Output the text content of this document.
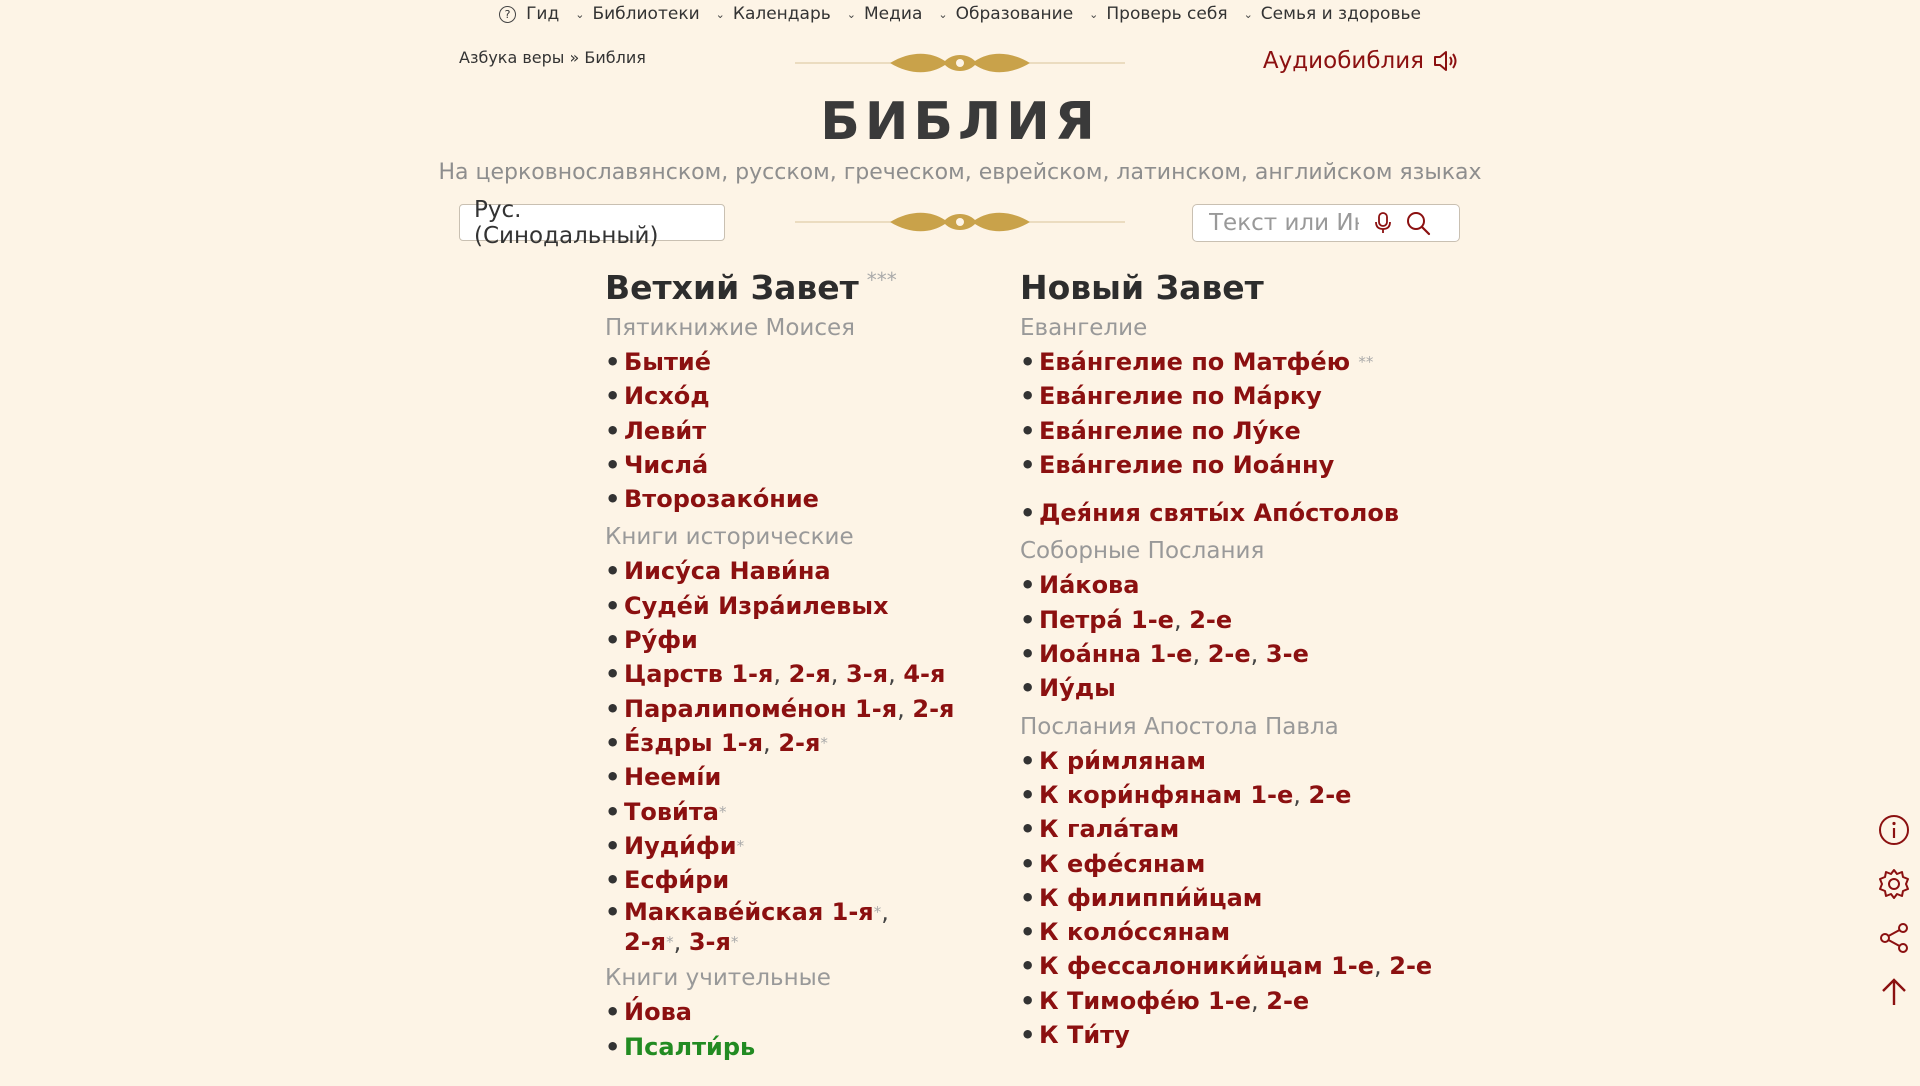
? Гид ⌄ Библиотеки ⌄ Календарь ⌄ Медиа ⌄ Образование ⌄ Проверь себя ⌄ Семья и здоровье
Азбука веры » Библия	Аудиобиблия
БИБЛИЯ
На церковнославянском, русском, греческом, еврейском, латинском, английском языках
Рус. (Синодальный)
Текст или Ин
Ветхий Завет ***
Пятикнижие Моисея
• Бытие́
• Исхо́д
• Леви́т
• Числа́
• Второзако́ние
Книги исторические
• Иису́са Нави́на
• Суде́й Изра́илевых
• Ру́фи
• Царств 1-я, 2-я, 3-я, 4-я
• Паралипоме́нон 1-я, 2-я
• Е́здры 1-я, 2-я*
• Неемі́и
• Тови́та*
• Иуди́фи*
• Есфи́ри
• Маккаве́йская 1-я*,
2-я*, 3-я*
Книги учительные
• И́ова
• Псалти́рь
Новый Завет
Евангелие
• Ева́нгелие по Матфе́ю **
• Ева́нгелие по Ма́рку
• Ева́нгелие по Лу́ке
• Ева́нгелие по Иоа́нну
• Дея́ния святы́х Апо́столов
Соборные Послания
• Иа́кова
• Петра́ 1-е, 2-е
• Иоа́нна 1-е, 2-е, 3-е
• Иу́ды
Послания Апостола Павла
• К ри́млянам
• К кори́нфянам 1-е, 2-е
• К гала́там
• К ефе́сянам
• К филиппи́йцам
• К коло́ссянам
• К фессалоники́йцам 1-е, 2-е
• К Тимофе́ю 1-е, 2-е
• К Ти́ту
